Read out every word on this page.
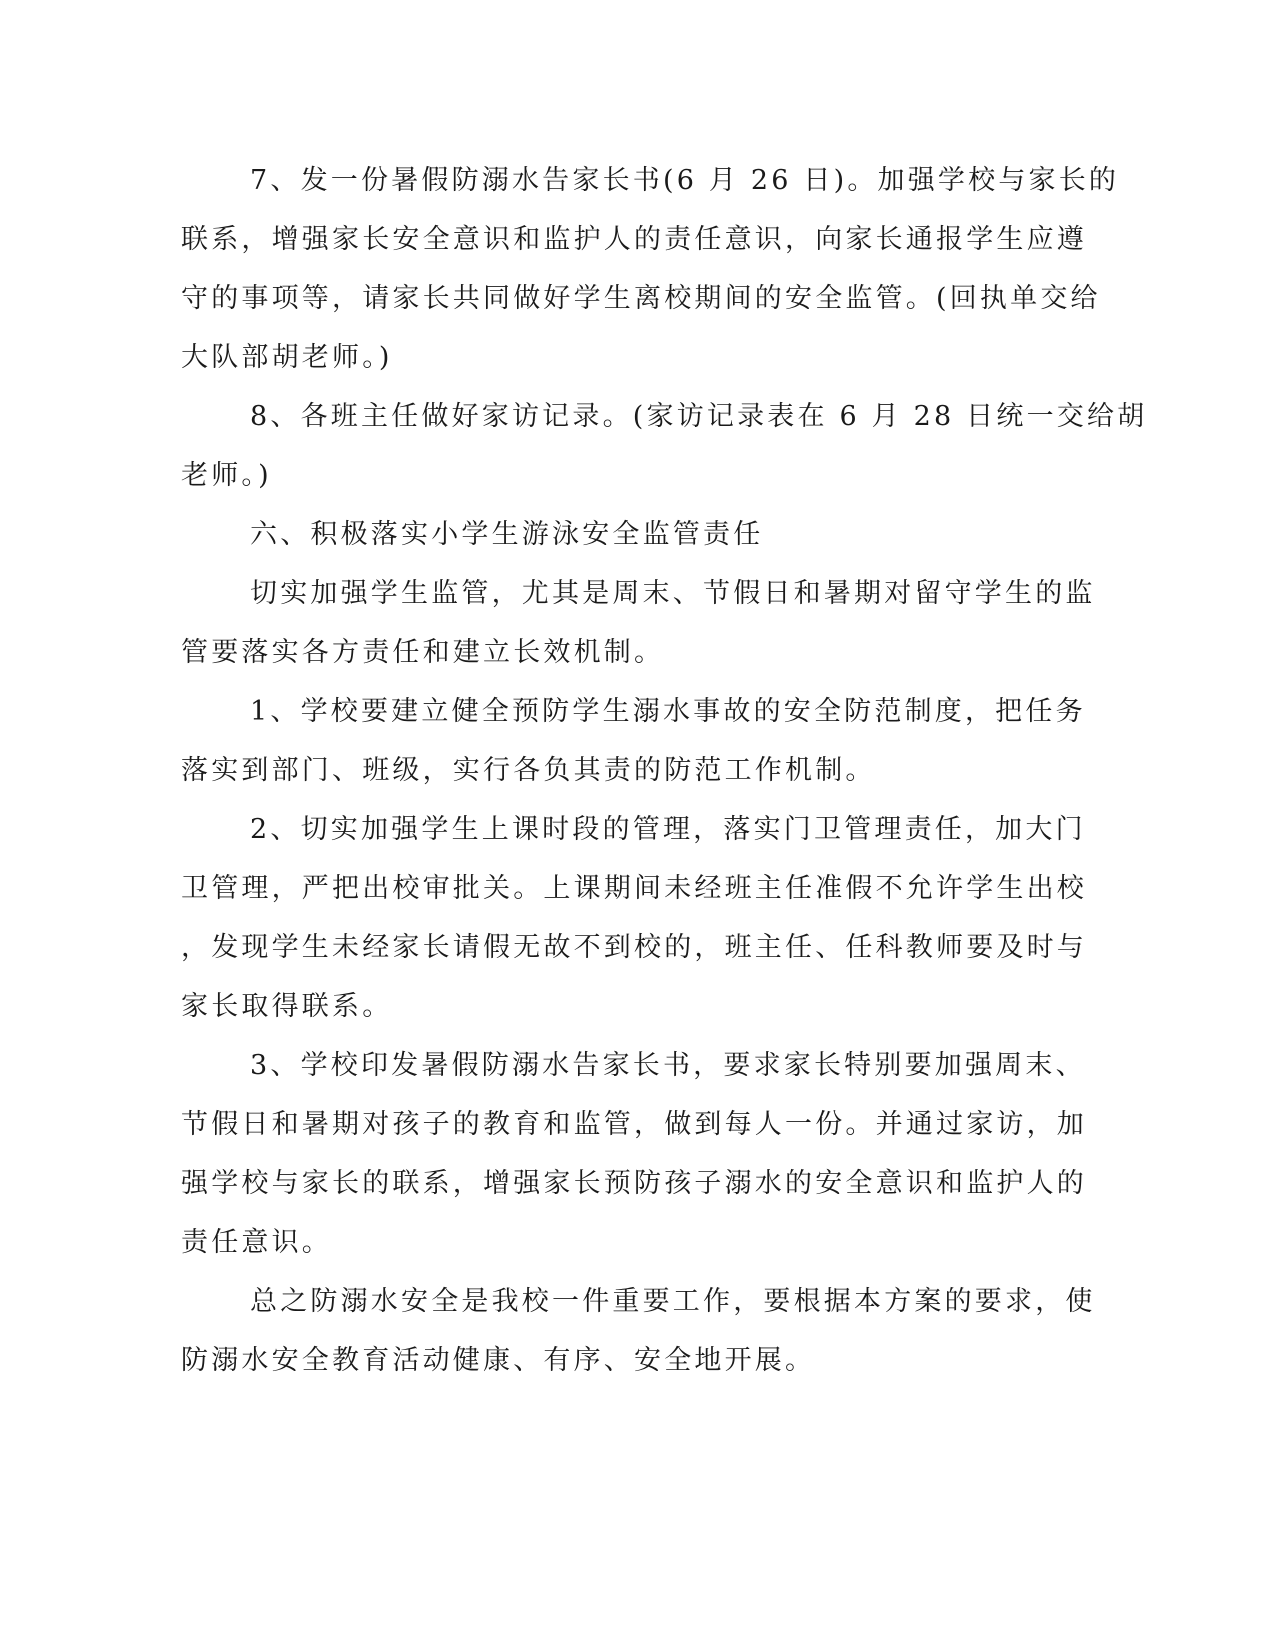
7、发一份暑假防溺水告家长书(6 月 26 日)。加强学校与家长的
联系，增强家长安全意识和监护人的责任意识，向家长通报学生应遵
守的事项等，请家长共同做好学生离校期间的安全监管。(回执单交给
大队部胡老师。)
8、各班主任做好家访记录。(家访记录表在 6 月 28 日统一交给胡
老师。)
六、积极落实小学生游泳安全监管责任
切实加强学生监管，尤其是周末、节假日和暑期对留守学生的监
管要落实各方责任和建立长效机制。
1、学校要建立健全预防学生溺水事故的安全防范制度，把任务
落实到部门、班级，实行各负其责的防范工作机制。
2、切实加强学生上课时段的管理，落实门卫管理责任，加大门
卫管理，严把出校审批关。上课期间未经班主任准假不允许学生出校
，发现学生未经家长请假无故不到校的，班主任、任科教师要及时与
家长取得联系。
3、学校印发暑假防溺水告家长书，要求家长特别要加强周末、
节假日和暑期对孩子的教育和监管，做到每人一份。并通过家访，加
强学校与家长的联系，增强家长预防孩子溺水的安全意识和监护人的
责任意识。
总之防溺水安全是我校一件重要工作，要根据本方案的要求，使
防溺水安全教育活动健康、有序、安全地开展。
